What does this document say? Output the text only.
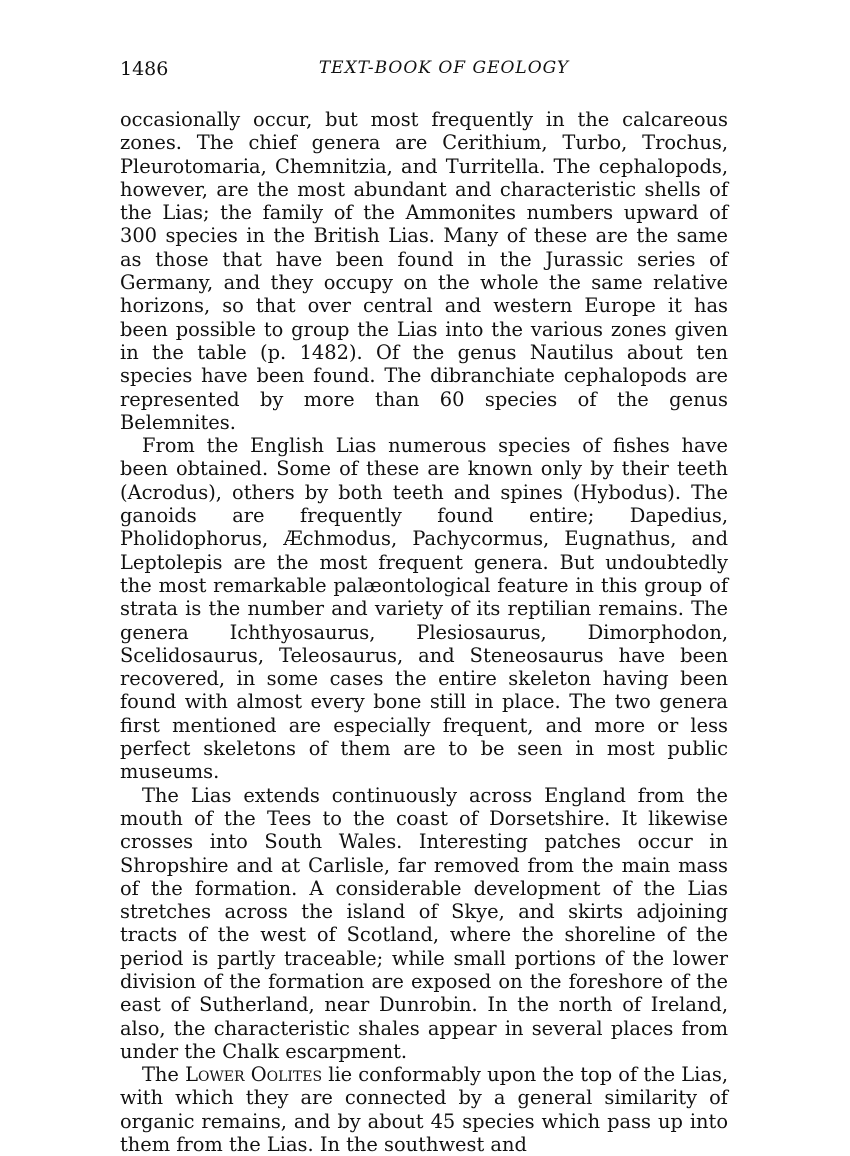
1486	TEXT-BOOK OF GEOLOGY

occasionally occur, but most frequently in the calcareous zones. The chief genera are Cerithium, Turbo, Trochus, Pleurotomaria, Chemnitzia, and Turritella. The cephalopods, however, are the most abundant and characteristic shells of the Lias; the family of the Ammonites numbers upward of 300 species in the British Lias. Many of these are the same as those that have been found in the Jurassic series of Germany, and they occupy on the whole the same relative horizons, so that over central and western Europe it has been possible to group the Lias into the various zones given in the table (p. 1482). Of the genus Nautilus about ten species have been found. The dibranchiate cephalopods are represented by more than 60 species of the genus Belemnites.

From the English Lias numerous species of fishes have been obtained. Some of these are known only by their teeth (Acrodus), others by both teeth and spines (Hybodus). The ganoids are frequently found entire; Dapedius, Pholidophorus, Æchmodus, Pachycormus, Eugnathus, and Leptolepis are the most frequent genera. But undoubtedly the most remarkable palæontological feature in this group of strata is the number and variety of its reptilian remains. The genera Ichthyosaurus, Plesiosaurus, Dimorphodon, Scelidosaurus, Teleosaurus, and Steneosaurus have been recovered, in some cases the entire skeleton having been found with almost every bone still in place. The two genera first mentioned are especially frequent, and more or less perfect skeletons of them are to be seen in most public museums.

The Lias extends continuously across England from the mouth of the Tees to the coast of Dorsetshire. It likewise crosses into South Wales. Interesting patches occur in Shropshire and at Carlisle, far removed from the main mass of the formation. A considerable development of the Lias stretches across the island of Skye, and skirts adjoining tracts of the west of Scotland, where the shoreline of the period is partly traceable; while small portions of the lower division of the formation are exposed on the foreshore of the east of Sutherland, near Dunrobin. In the north of Ireland, also, the characteristic shales appear in several places from under the Chalk escarpment.

The Lower Oolites lie conformably upon the top of the Lias, with which they are connected by a general similarity of organic remains, and by about 45 species which pass up into them from the Lias. In the southwest and
